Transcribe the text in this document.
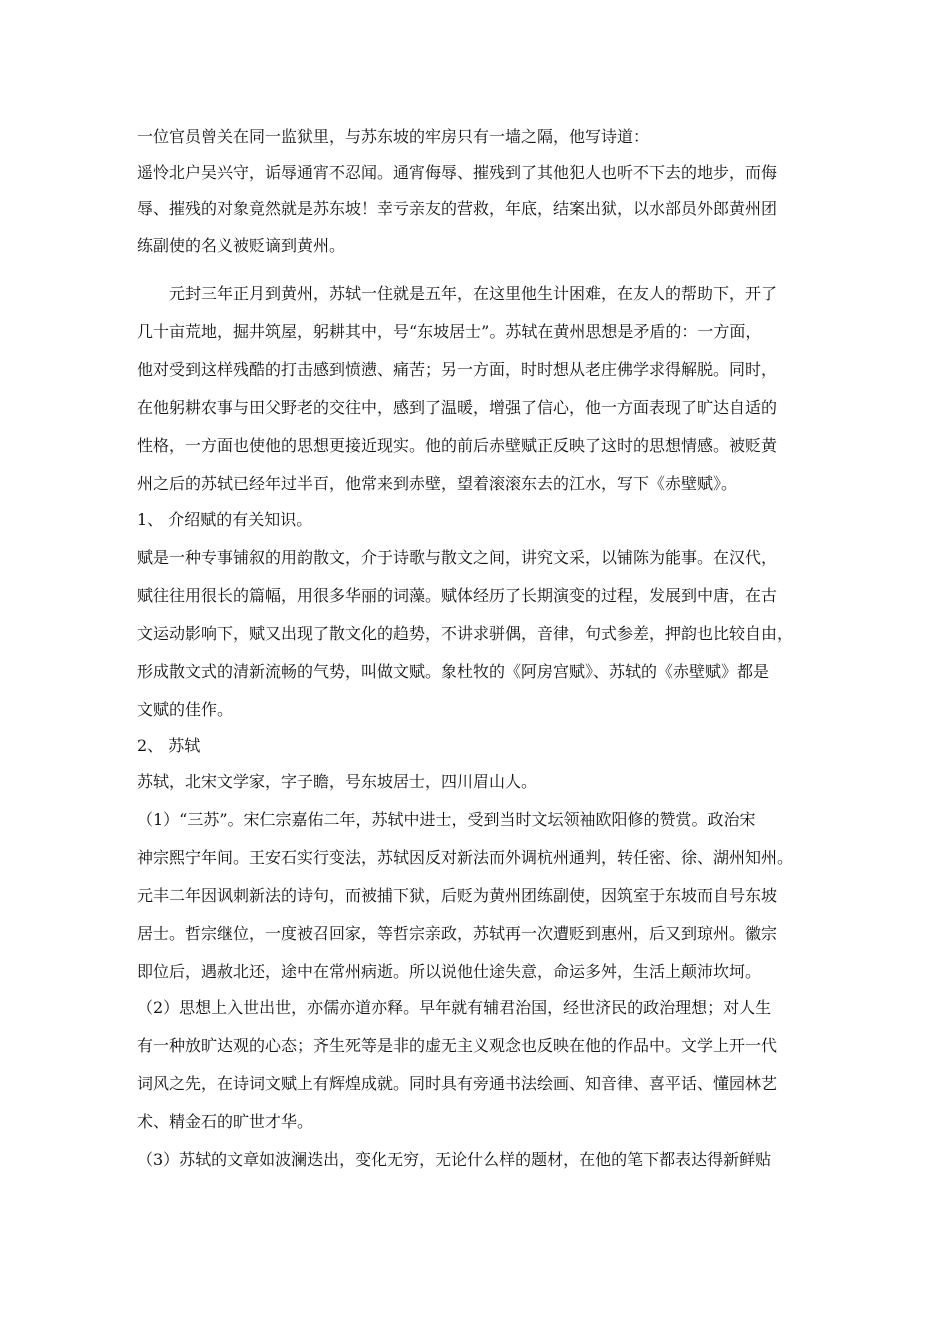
一位官员曾关在同一监狱里，与苏东坡的牢房只有一墙之隔，他写诗道：
遥怜北户吴兴守，诟辱通宵不忍闻。通宵侮辱、摧残到了其他犯人也听不下去的地步，而侮
辱、摧残的对象竟然就是苏东坡！幸亏亲友的营救，年底，结案出狱，以水部员外郎黄州团
练副使的名义被贬谪到黄州。
　　元封三年正月到黄州，苏轼一住就是五年，在这里他生计困难，在友人的帮助下，开了
几十亩荒地，掘井筑屋，躬耕其中，号“东坡居士”。苏轼在黄州思想是矛盾的：一方面，
他对受到这样残酷的打击感到愤懑、痛苦；另一方面，时时想从老庄佛学求得解脱。同时，
在他躬耕农事与田父野老的交往中，感到了温暖，增强了信心，他一方面表现了旷达自适的
性格，一方面也使他的思想更接近现实。他的前后赤壁赋正反映了这时的思想情感。被贬黄
州之后的苏轼已经年过半百，他常来到赤壁，望着滚滚东去的江水，写下《赤壁赋》。
1、 介绍赋的有关知识。
赋是一种专事铺叙的用韵散文，介于诗歌与散文之间，讲究文采，以铺陈为能事。在汉代，
赋往往用很长的篇幅，用很多华丽的词藻。赋体经历了长期演变的过程，发展到中唐，在古
文运动影响下，赋又出现了散文化的趋势，不讲求骈偶，音律，句式参差，押韵也比较自由，
形成散文式的清新流畅的气势，叫做文赋。象杜牧的《阿房宫赋》、苏轼的《赤壁赋》都是
文赋的佳作。
2、 苏轼
苏轼，北宋文学家，字子瞻，号东坡居士，四川眉山人。
（1）“三苏”。宋仁宗嘉佑二年，苏轼中进士，受到当时文坛领袖欧阳修的赞赏。政治宋
神宗熙宁年间。王安石实行变法，苏轼因反对新法而外调杭州通判，转任密、徐、湖州知州。
元丰二年因讽刺新法的诗句，而被捕下狱，后贬为黄州团练副使，因筑室于东坡而自号东坡
居士。哲宗继位，一度被召回家，等哲宗亲政，苏轼再一次遭贬到惠州，后又到琼州。徽宗
即位后，遇赦北还，途中在常州病逝。所以说他仕途失意，命运多舛，生活上颠沛坎坷。
（2）思想上入世出世，亦儒亦道亦释。早年就有辅君治国，经世济民的政治理想；对人生
有一种放旷达观的心态；齐生死等是非的虚无主义观念也反映在他的作品中。文学上开一代
词风之先，在诗词文赋上有辉煌成就。同时具有旁通书法绘画、知音律、喜平话、懂园林艺
术、精金石的旷世才华。
（3）苏轼的文章如波澜迭出，变化无穷，无论什么样的题材，在他的笔下都表达得新鲜贴
